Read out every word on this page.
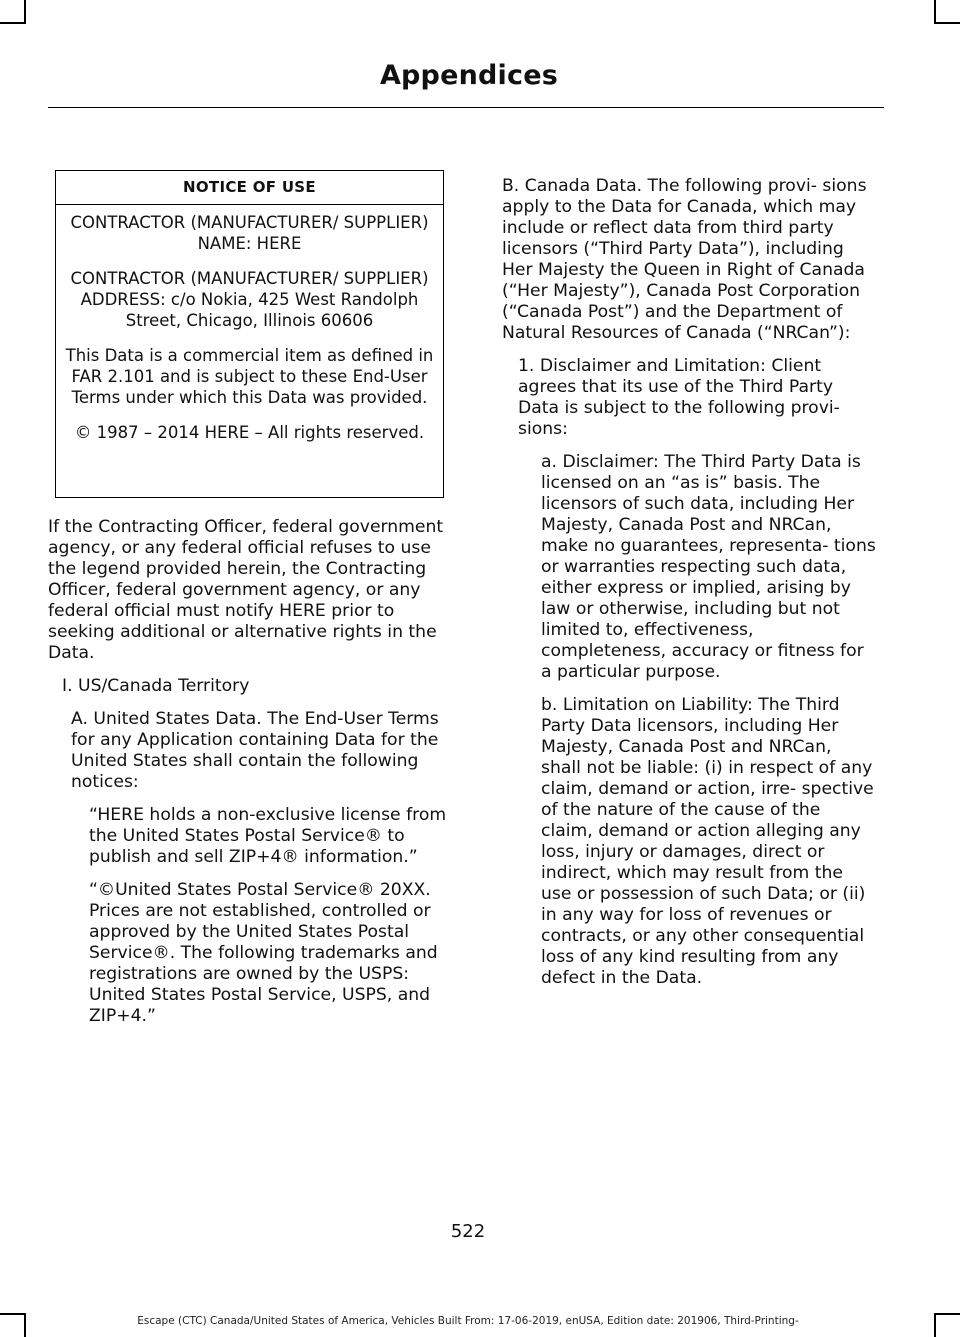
Appendices
NOTICE OF USE

CONTRACTOR (MANUFACTURER/ SUPPLIER) NAME: HERE

CONTRACTOR (MANUFACTURER/ SUPPLIER) ADDRESS: c/o Nokia, 425 West Randolph Street, Chicago, Illinois 60606

This Data is a commercial item as defined in FAR 2.101 and is subject to these End-User Terms under which this Data was provided.

© 1987 – 2014 HERE – All rights reserved.

If the Contracting Officer, federal government agency, or any federal official refuses to use the legend provided herein, the Contracting Officer, federal government agency, or any federal official must notify HERE prior to seeking additional or alternative rights in the Data.

I. US/Canada Territory

A. United States Data. The End-User Terms for any Application containing Data for the United States shall contain the following notices:

“HERE holds a non-exclusive license from the United States Postal Service® to publish and sell ZIP+4® information.”

“©United States Postal Service® 20XX. Prices are not established, controlled or approved by the United States Postal Service®. The following trademarks and registrations are owned by the USPS: United States Postal Service, USPS, and ZIP+4.”

B. Canada Data. The following provi- sions apply to the Data for Canada, which may include or reflect data from third party licensors (“Third Party Data”), including Her Majesty the Queen in Right of Canada (“Her Majesty”), Canada Post Corporation (“Canada Post”) and the Department of Natural Resources of Canada (“NRCan”):

1. Disclaimer and Limitation: Client agrees that its use of the Third Party Data is subject to the following provi- sions:

a. Disclaimer: The Third Party Data is licensed on an “as is” basis. The licensors of such data, including Her Majesty, Canada Post and NRCan, make no guarantees, representa- tions or warranties respecting such data, either express or implied, arising by law or otherwise, including but not limited to, effectiveness, completeness, accuracy or fitness for a particular purpose.

b. Limitation on Liability: The Third Party Data licensors, including Her Majesty, Canada Post and NRCan, shall not be liable: (i) in respect of any claim, demand or action, irre- spective of the nature of the cause of the claim, demand or action alleging any loss, injury or damages, direct or indirect, which may result from the use or possession of such Data; or (ii) in any way for loss of revenues or contracts, or any other consequential loss of any kind resulting from any defect in the Data.

522
Escape (CTC) Canada/United States of America, Vehicles Built From: 17-06-2019, enUSA, Edition date: 201906, Third-Printing-
